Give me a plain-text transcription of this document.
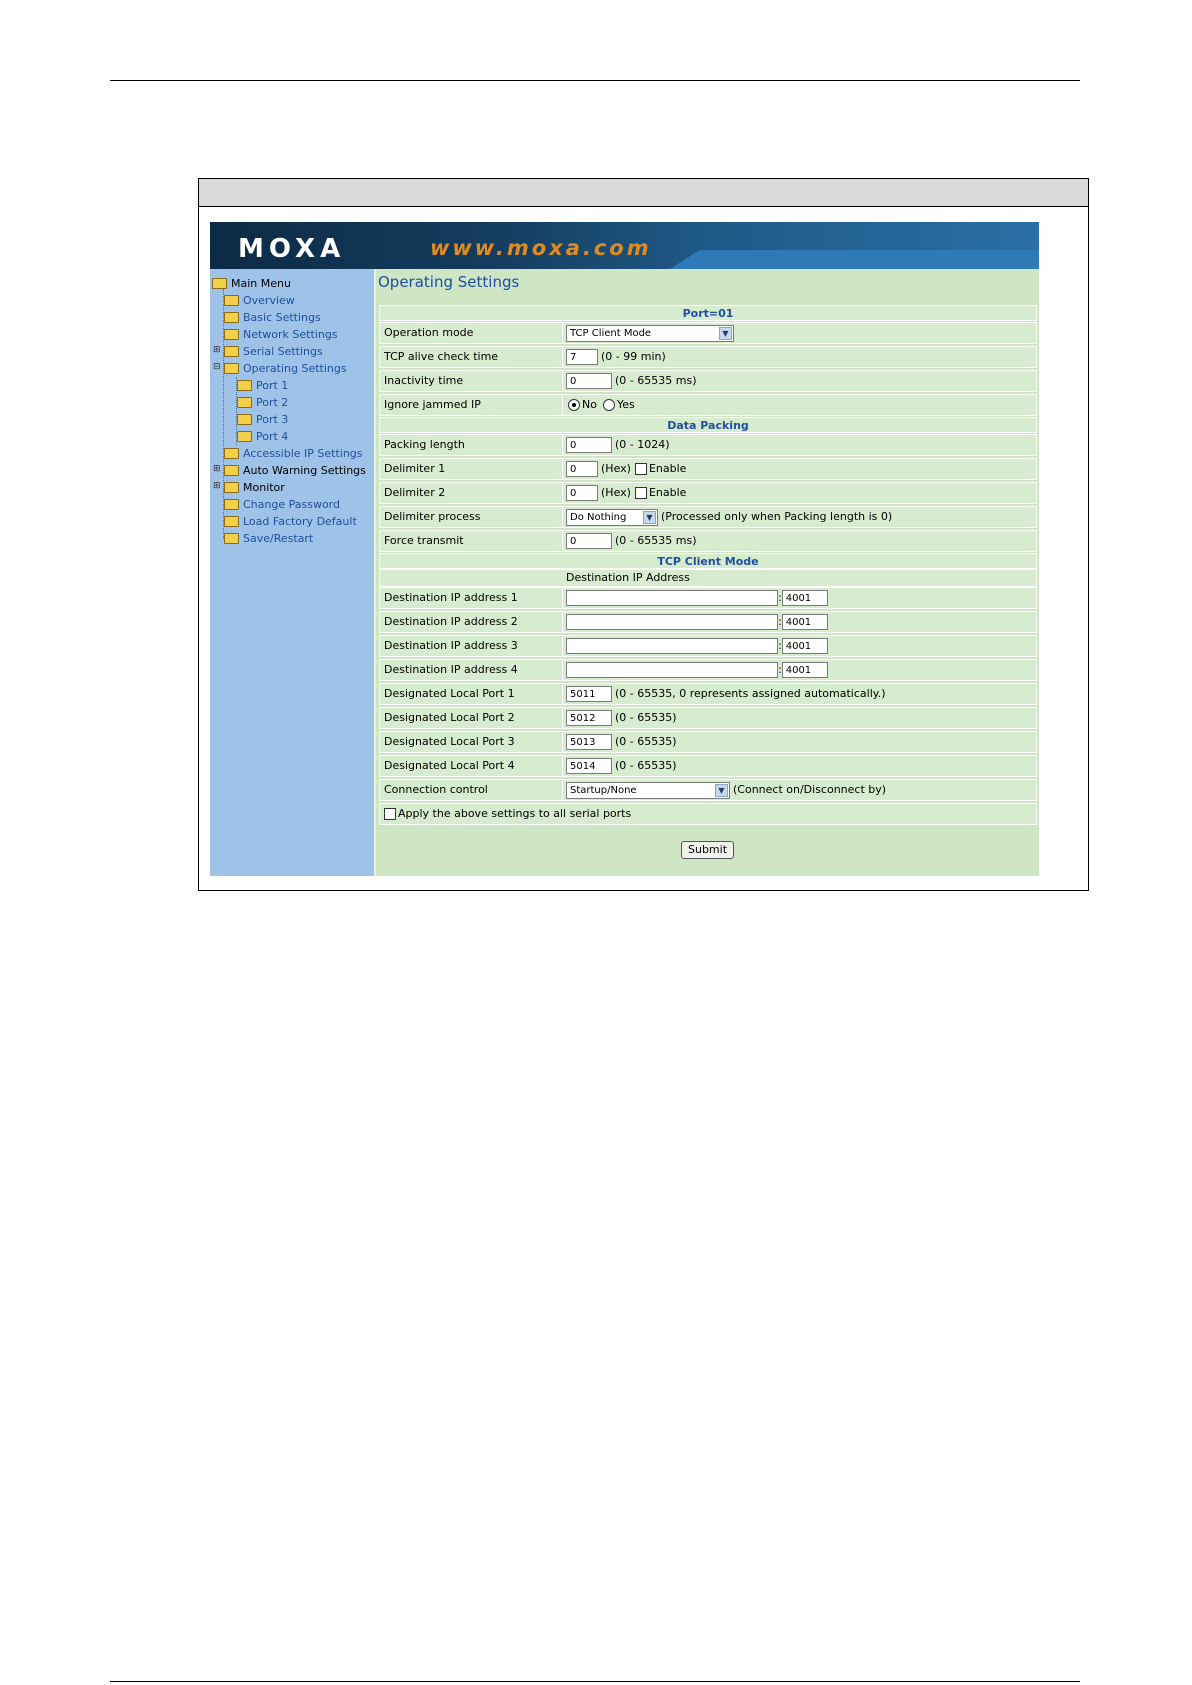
MOXA	www.moxa.com
Main Menu
Overview
Basic Settings
Network Settings
⊞	Serial Settings
⊟	Operating Settings
Port 1
Port 2
Port 3
Port 4
Accessible IP Settings
⊞	Auto Warning Settings
⊞	Monitor
Change Password
Load Factory Default
Save/Restart
Operating Settings
Port=01
Operation mode	TCP Client Mode	▼
TCP alive check time	7 (0 - 99 min)
Inactivity time	0	(0 - 65535 ms)
Ignore jammed IP	No Yes
Data Packing
Packing length	0	(0 - 1024)
Delimiter 1	0 (Hex) Enable
Delimiter 2	0 (Hex) Enable
Delimiter process	Do Nothing	▼ (Processed only when Packing length is 0)
Force transmit	0	(0 - 65535 ms)
TCP Client Mode
Destination IP Address
Destination IP address 1	: 4001
Destination IP address 2	: 4001
Destination IP address 3	: 4001
Destination IP address 4	: 4001
Designated Local Port 1	5011 (0 - 65535, 0 represents assigned automatically.)
Designated Local Port 2	5012 (0 - 65535)
Designated Local Port 3	5013 (0 - 65535)
Designated Local Port 4	5014 (0 - 65535)
Connection control	Startup/None	▼ (Connect on/Disconnect by)
Apply the above settings to all serial ports
Submit
